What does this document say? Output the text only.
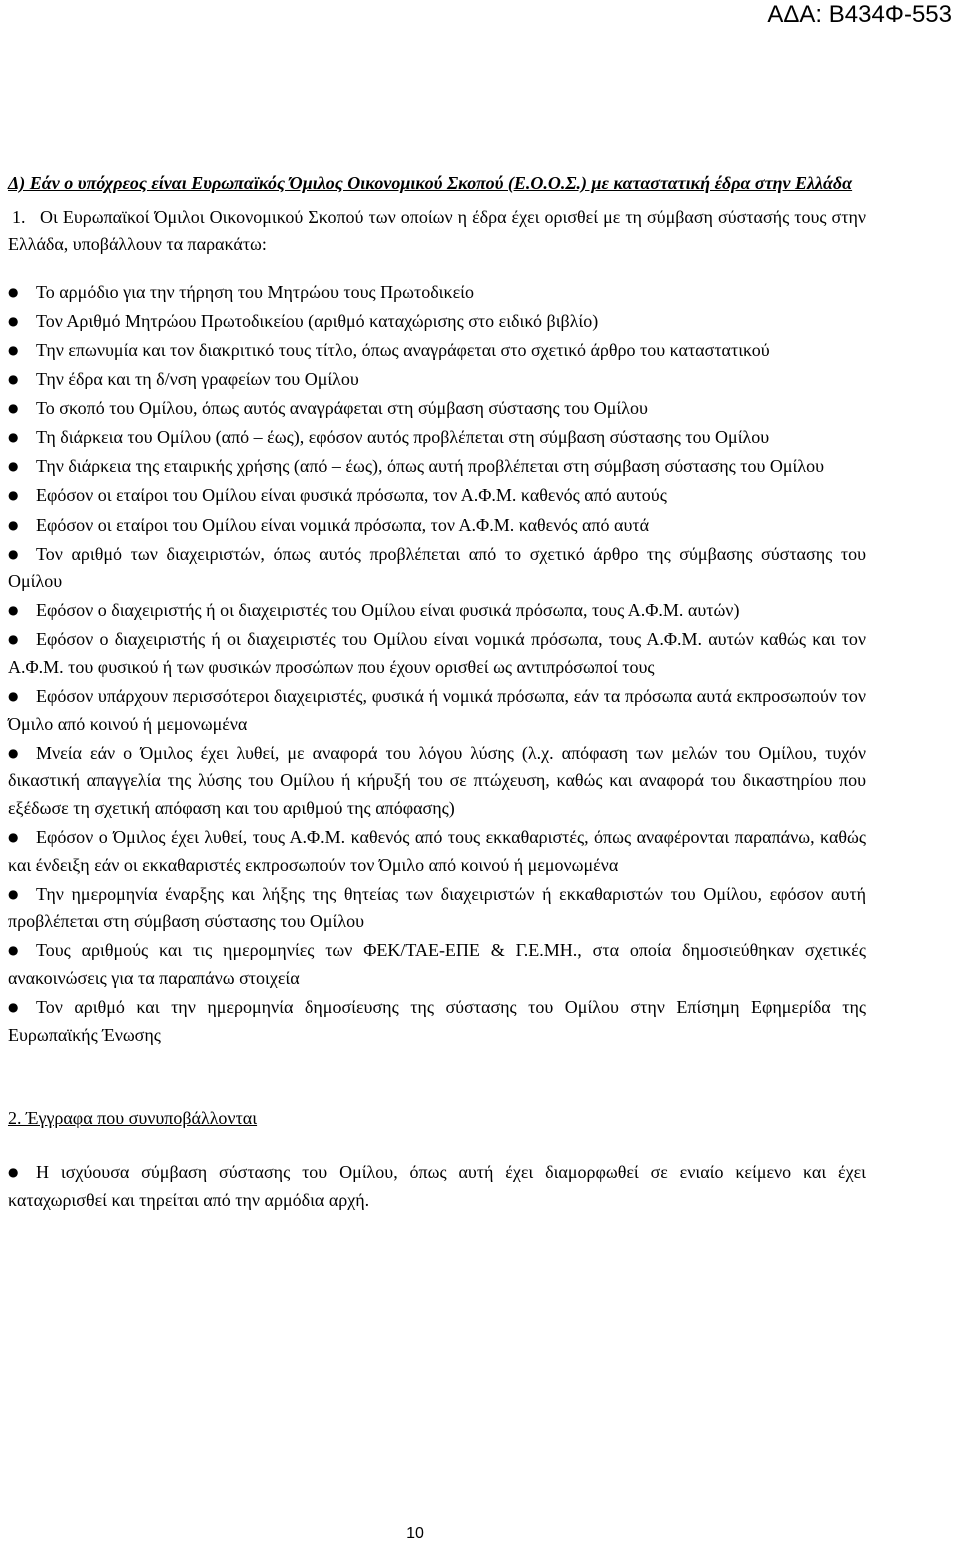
ΑΔΑ: Β434Φ-553

Δ) Εάν ο υπόχρεος είναι Ευρωπαϊκός Όμιλος Οικονομικού Σκοπού (Ε.Ο.Ο.Σ.) με καταστατική έδρα στην Ελλάδα

1. Οι Ευρωπαϊκοί Όμιλοι Οικονομικού Σκοπού των οποίων η έδρα έχει ορισθεί με τη σύμβαση σύστασής τους στην Ελλάδα, υποβάλλουν τα παρακάτω:

● Το αρμόδιο για την τήρηση του Μητρώου τους Πρωτοδικείο
● Τον Αριθμό Μητρώου Πρωτοδικείου (αριθμό καταχώρισης στο ειδικό βιβλίο)
● Την επωνυμία και τον διακριτικό τους τίτλο, όπως αναγράφεται στο σχετικό άρθρο του καταστατικού
● Την έδρα και τη δ/νση γραφείων του Ομίλου
● Το σκοπό του Ομίλου, όπως αυτός αναγράφεται στη σύμβαση σύστασης του Ομίλου
● Τη διάρκεια του Ομίλου (από – έως), εφόσον αυτός προβλέπεται στη σύμβαση σύστασης του Ομίλου
● Την διάρκεια της εταιρικής χρήσης (από – έως), όπως αυτή προβλέπεται στη σύμβαση σύστασης του Ομίλου
● Εφόσον οι εταίροι του Ομίλου είναι φυσικά πρόσωπα, τον Α.Φ.Μ. καθενός από αυτούς
● Εφόσον οι εταίροι του Ομίλου είναι νομικά πρόσωπα, τον Α.Φ.Μ. καθενός από αυτά
● Τον αριθμό των διαχειριστών, όπως αυτός προβλέπεται από το σχετικό άρθρο της σύμβασης σύστασης του Ομίλου
● Εφόσον ο διαχειριστής ή οι διαχειριστές του Ομίλου είναι φυσικά πρόσωπα, τους Α.Φ.Μ. αυτών)
● Εφόσον ο διαχειριστής ή οι διαχειριστές του Ομίλου είναι νομικά πρόσωπα, τους Α.Φ.Μ. αυτών καθώς και τον Α.Φ.Μ. του φυσικού ή των φυσικών προσώπων που έχουν ορισθεί ως αντιπρόσωποί τους
● Εφόσον υπάρχουν περισσότεροι διαχειριστές, φυσικά ή νομικά πρόσωπα, εάν τα πρόσωπα αυτά εκπροσωπούν τον Όμιλο από κοινού ή μεμονωμένα
● Μνεία εάν ο Όμιλος έχει λυθεί, με αναφορά του λόγου λύσης (λ.χ. απόφαση των μελών του Ομίλου, τυχόν δικαστική απαγγελία της λύσης του Ομίλου ή κήρυξή του σε πτώχευση, καθώς και αναφορά του δικαστηρίου που εξέδωσε τη σχετική απόφαση και του αριθμού της απόφασης)
● Εφόσον ο Όμιλος έχει λυθεί, τους Α.Φ.Μ. καθενός από τους εκκαθαριστές, όπως αναφέρονται παραπάνω, καθώς και ένδειξη εάν οι εκκαθαριστές εκπροσωπούν τον Όμιλο από κοινού ή μεμονωμένα
● Την ημερομηνία έναρξης και λήξης της θητείας των διαχειριστών ή εκκαθαριστών του Ομίλου, εφόσον αυτή προβλέπεται στη σύμβαση σύστασης του Ομίλου
● Τους αριθμούς και τις ημερομηνίες των ΦΕΚ/ΤΑΕ-ΕΠΕ & Γ.Ε.ΜΗ., στα οποία δημοσιεύθηκαν σχετικές ανακοινώσεις για τα παραπάνω στοιχεία
● Τον αριθμό και την ημερομηνία δημοσίευσης της σύστασης του Ομίλου στην Επίσημη Εφημερίδα της Ευρωπαϊκής Ένωσης

2. Έγγραφα που συνυποβάλλονται

● Η ισχύουσα σύμβαση σύστασης του Ομίλου, όπως αυτή έχει διαμορφωθεί σε ενιαίο κείμενο και έχει καταχωρισθεί και τηρείται από την αρμόδια αρχή.
10
